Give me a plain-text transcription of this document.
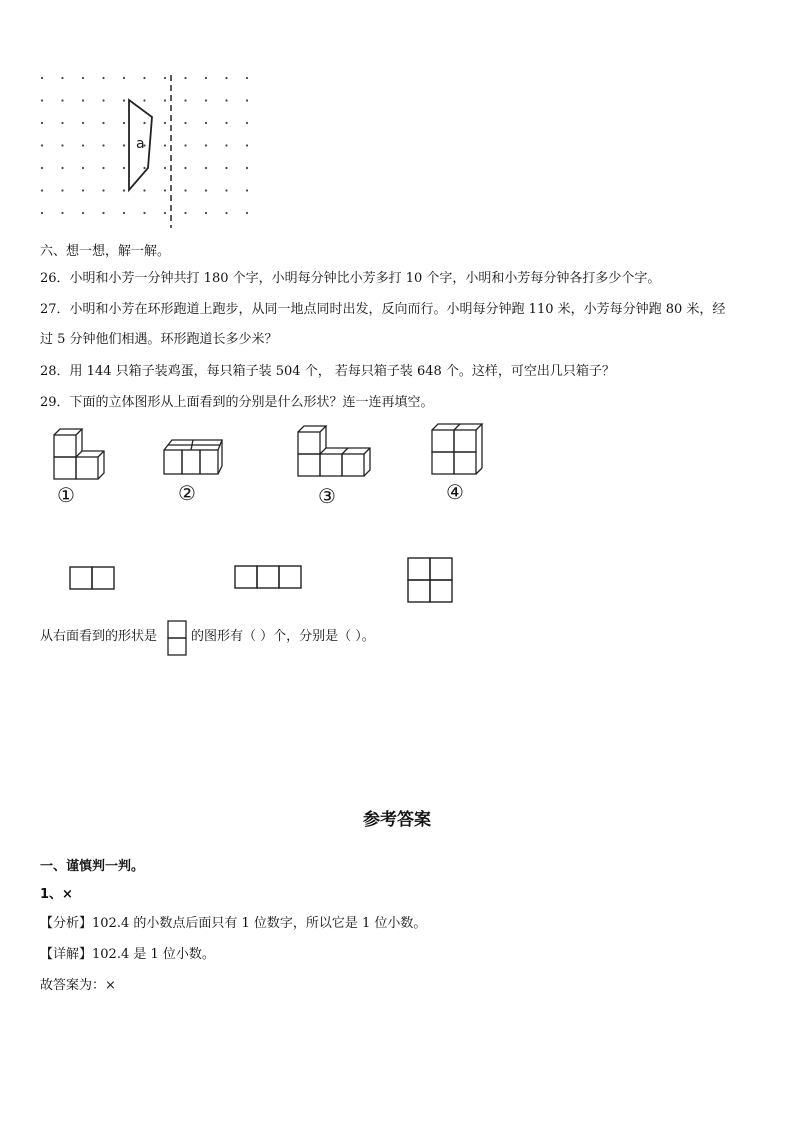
a
六、想一想，解一解。
26．小明和小芳一分钟共打 180 个字，小明每分钟比小芳多打 10 个字，小明和小芳每分钟各打多少个字。
27．小明和小芳在环形跑道上跑步，从同一地点同时出发，反向而行。小明每分钟跑 110 米，小芳每分钟跑 80 米，经
过 5 分钟他们相遇。环形跑道长多少米？
28．用 144 只箱子装鸡蛋，每只箱子装 504 个， 若每只箱子装 648 个。这样，可空出几只箱子？
29．下面的立体图形从上面看到的分别是什么形状？连一连再填空。
①	②	③	④
从右面看到的形状是	的图形有（ ）个，分别是（ ）。
参考答案
一、谨慎判一判。
1、×
【分析】102.4 的小数点后面只有 1 位数字，所以它是 1 位小数。
【详解】102.4 是 1 位小数。
故答案为：×
